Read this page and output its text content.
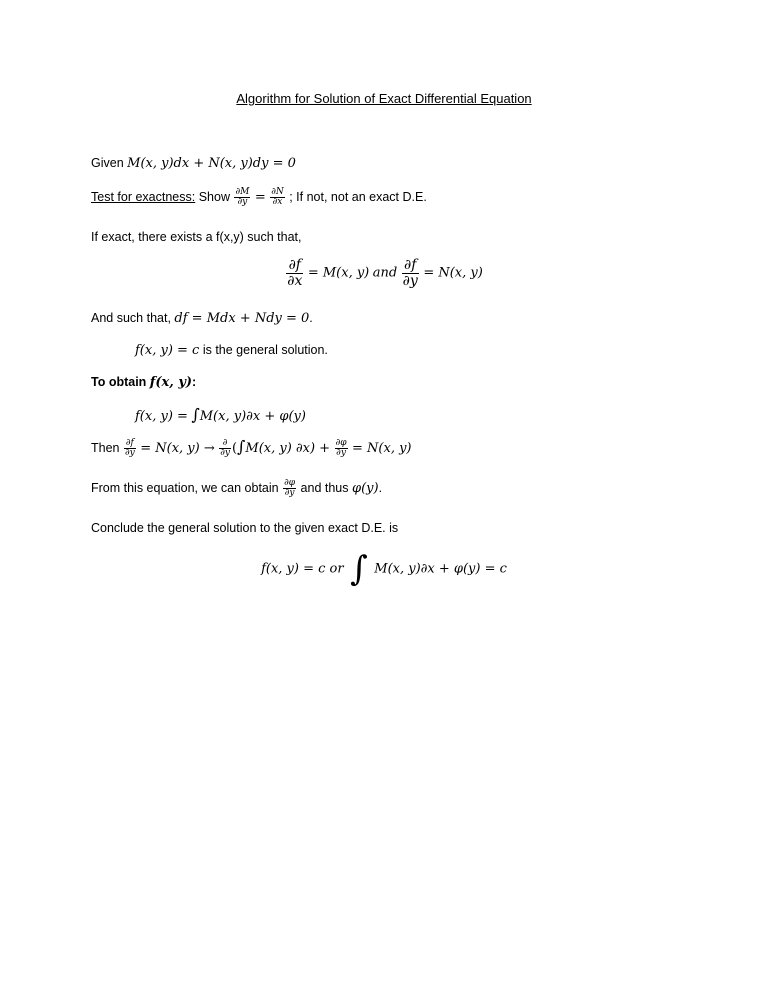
Algorithm for Solution of Exact Differential Equation
Given M(x, y)dx + N(x, y)dy = 0
Test for exactness: Show $\frac{\partial M}{\partial y} = \frac{\partial N}{\partial x}$ ; If not, not an exact D.E.
If exact, there exists a f(x,y) such that,
$\frac{\partial f}{\partial x} = M(x$, y) and $\frac{\partial f}{\partial y} = N(x$, y)
And such that, df = Mdx + Ndy = 0.
f(x, y) = c is the general solution.
To obtain f(x, y):
f(x, y) = ∫M(x, y)∂x + φ(y)
Then $\frac{\partial f}{\partial y} = N(x$, $y) \to \frac{\partial}{\partial y} (\int M(x$, y) $\partial x) + \frac{\partial\varphi}{\partial y} = N(x$, y)
From this equation, we can obtain $\frac{\partial\varphi}{\partial y}$ and thus φ(y).
Conclude the general solution to the given exact D.E. is
f(x, y) = c or ∫ M(x, y)∂x + φ(y) = c
